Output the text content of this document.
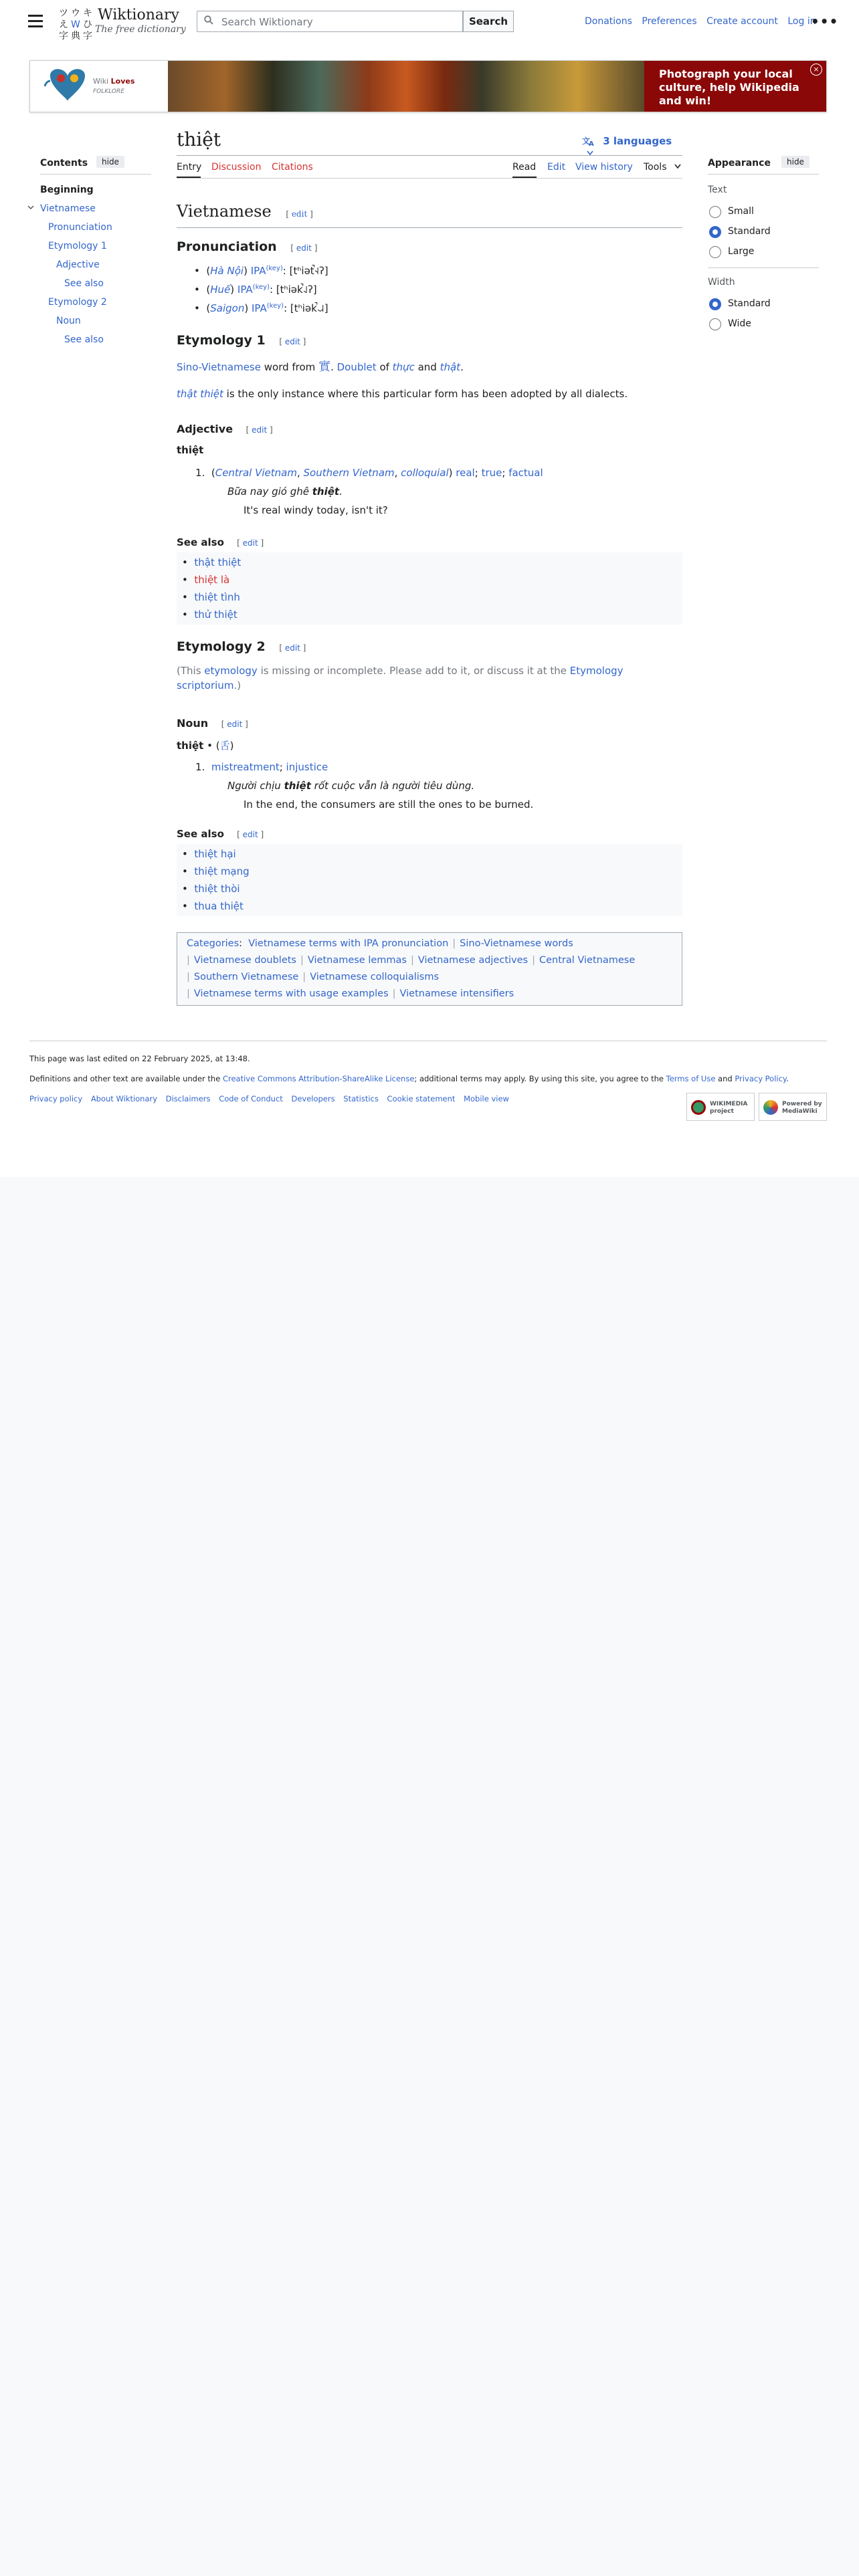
ツ ウ キ
え W ひ
字 典 字
Wiktionary
The free dictionary
Search Wiktionary	Search	Donations Preferences Create account Log in
•••
Wiki Loves
FOLKLORE
Photograph your local culture, help Wikipedia and win!
×
Contents	hide
Beginning
Vietnamese
Pronunciation
Etymology 1
Adjective
See also
Etymology 2
Noun
See also
thiệt	文
A 3 languages
Entry Discussion Citations	Read Edit View history Tools
Vietnamese [ edit ]
Pronunciation [ edit ]
•  (Hà Nội) $IPA^{(key)}$: [tʰiət̚˧˨ʔ]
•  (Huế) $IPA^{(key)}$: [tʰiək̚˨˩ʔ]
•  (Saigon) $IPA^{(key)}$: [tʰiək̚˨˩˨]
Etymology 1 [ edit ]
Sino-Vietnamese word from 實. Doublet of thực and thật.
thật thiệt is the only instance where this particular form has been adopted by all dialects.
Adjective [ edit ]
thiệt
1.  (Central Vietnam, Southern Vietnam, colloquial) real; true; factual
Bữa nay gió ghê thiệt.
It's real windy today, isn't it?
See also [ edit ]
•  thật thiệt
•  thiệt là
•  thiệt tình
•  thử thiệt
Etymology 2 [ edit ]
(This etymology is missing or incomplete. Please add to it, or discuss it at the Etymology scriptorium.)
Noun [ edit ]
thiệt • (舌)
1.  mistreatment; injustice
Người chịu thiệt rốt cuộc vẫn là người tiêu dùng.
In the end, the consumers are still the ones to be burned.
See also [ edit ]
•  thiệt hại
•  thiệt mạng
•  thiệt thòi
•  thua thiệt
Categories:  Vietnamese terms with IPA pronunciation | Sino-Vietnamese words
| Vietnamese doublets | Vietnamese lemmas | Vietnamese adjectives | Central Vietnamese
| Southern Vietnamese | Vietnamese colloquialisms
| Vietnamese terms with usage examples | Vietnamese intensifiers
Appearance	hide
Text
Small
Standard
Large
Width
Standard
Wide
This page was last edited on 22 February 2025, at 13:48.
Definitions and other text are available under the Creative Commons Attribution-ShareAlike License; additional terms may apply. By using this site, you agree to the Terms of Use and Privacy Policy.
Privacy policy About Wiktionary Disclaimers Code of Conduct Developers Statistics Cookie statement Mobile view
WIKIMEDIA project
Powered by MediaWiki
